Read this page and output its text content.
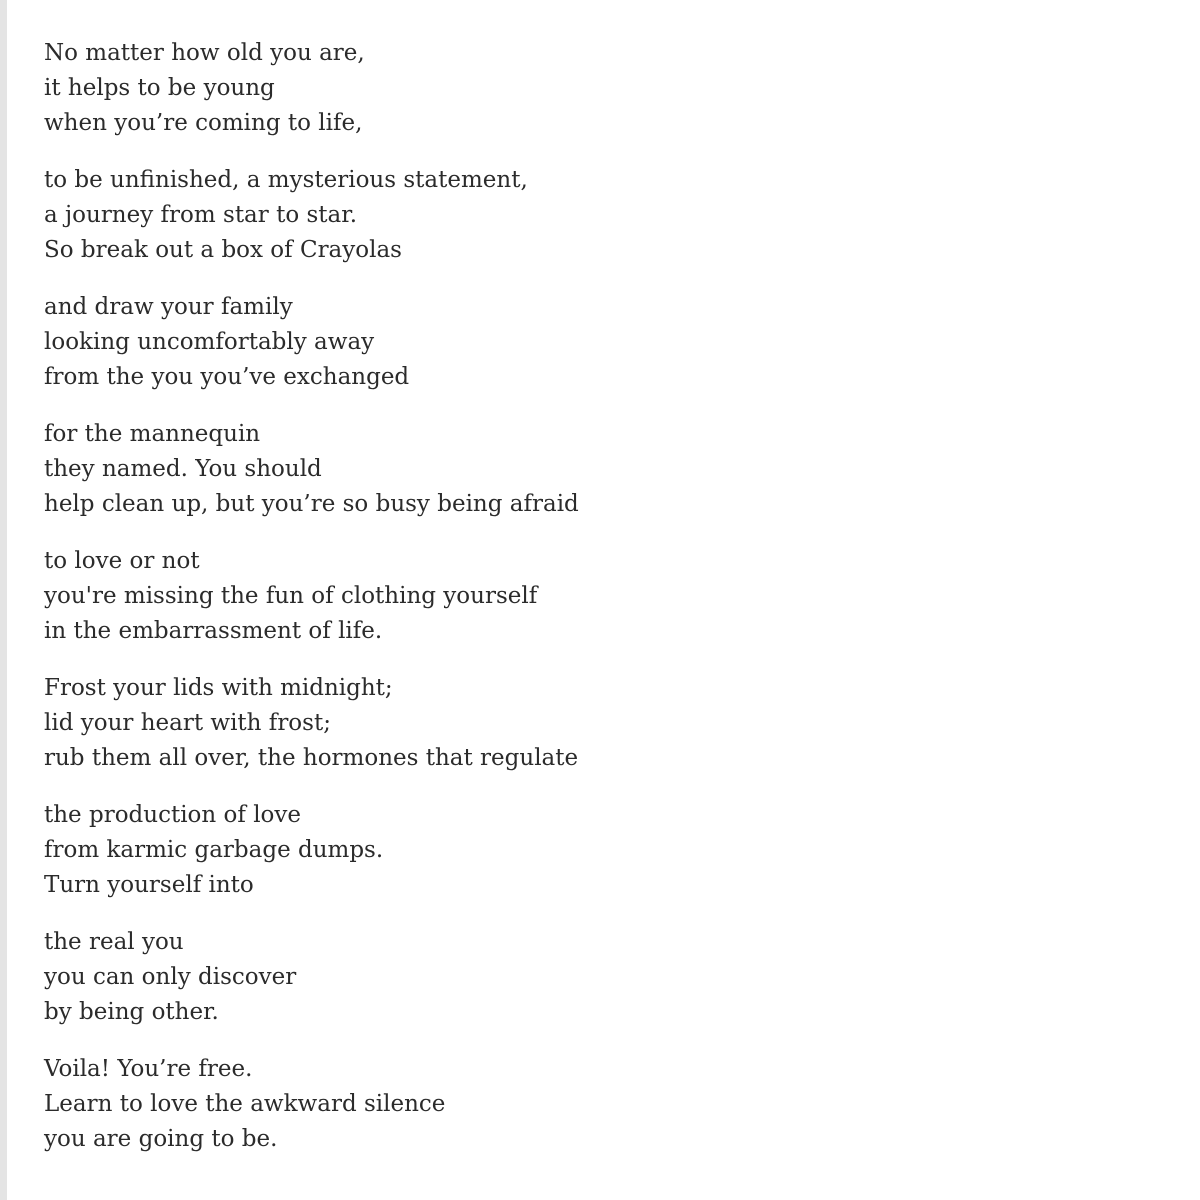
No matter how old you are,
it helps to be young
when you’re coming to life,
to be unfinished, a mysterious statement,
a journey from star to star.
So break out a box of Crayolas
and draw your family
looking uncomfortably away
from the you you’ve exchanged
for the mannequin
they named. You should
help clean up, but you’re so busy being afraid
to love or not
you're missing the fun of clothing yourself
in the embarrassment of life.
Frost your lids with midnight;
lid your heart with frost;
rub them all over, the hormones that regulate
the production of love
from karmic garbage dumps.
Turn yourself into
the real you
you can only discover
by being other.
Voila! You’re free.
Learn to love the awkward silence
you are going to be.
